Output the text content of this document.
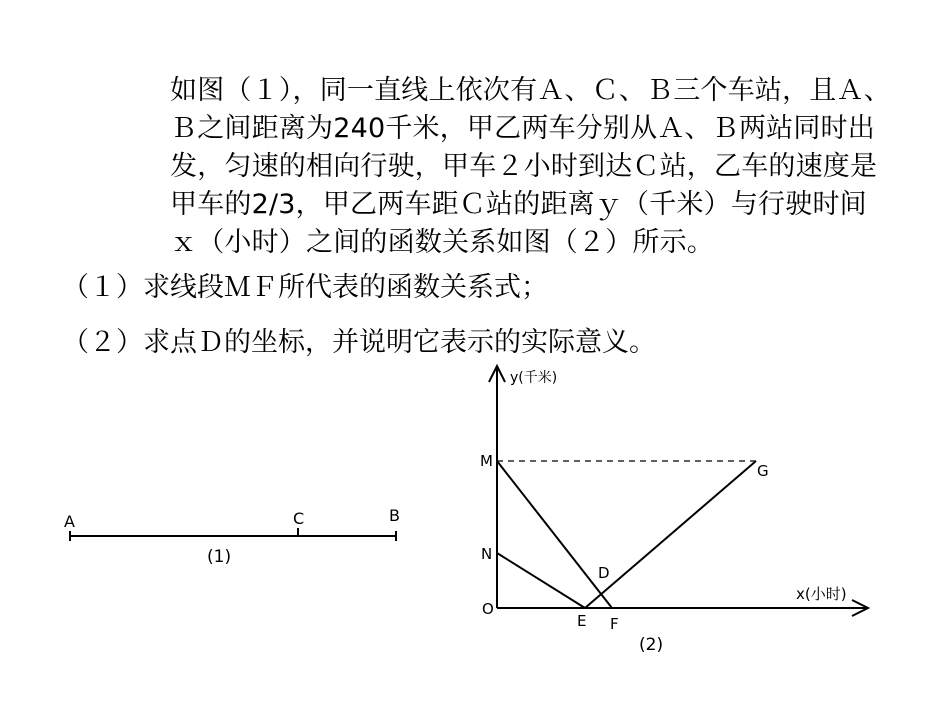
如图（１），同一直线上依次有Ａ、Ｃ、Ｂ三个车站，且Ａ、Ｂ之间距离为240千米，甲乙两车分别从Ａ、Ｂ两站同时出发，匀速的相向行驶，甲车２小时到达Ｃ站，乙车的速度是甲车的2/3，甲乙两车距Ｃ站的距离ｙ（千米）与行驶时间ｘ（小时）之间的函数关系如图（２）所示。
（１）求线段ＭＦ所代表的函数关系式；
（２）求点Ｄ的坐标，并说明它表示的实际意义。
A	C	B
(1)
y(千米)
x(小时)
O
M
N
G
D
E F
(2)
